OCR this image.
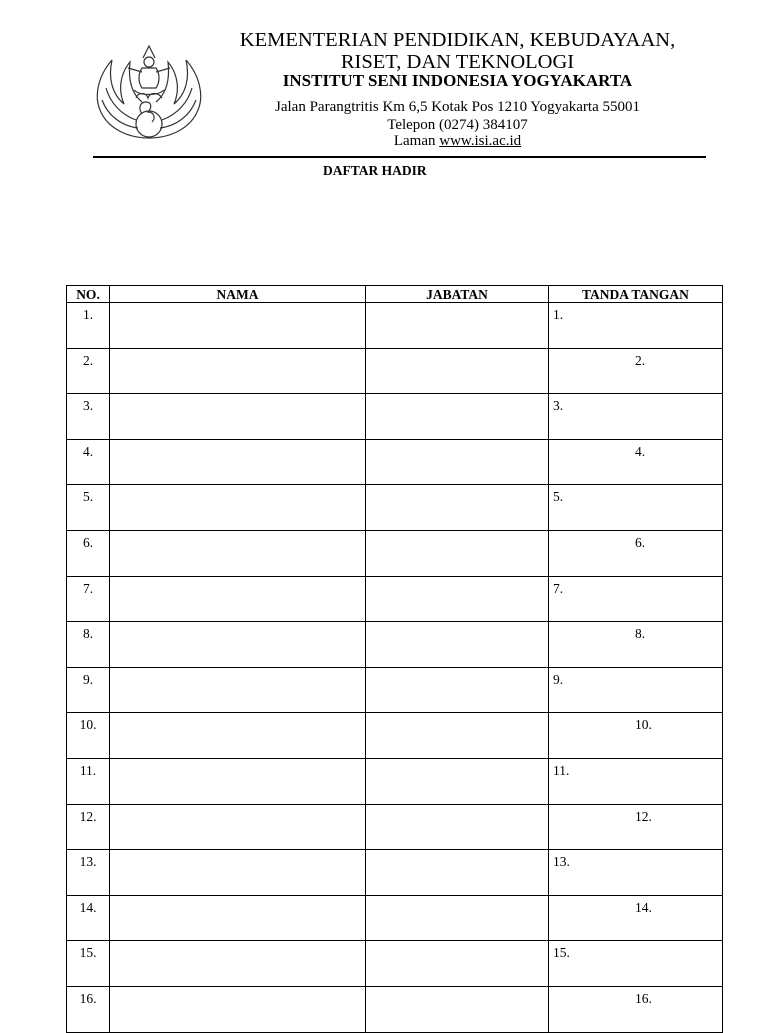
KEMENTERIAN PENDIDIKAN, KEBUDAYAAN,
RISET, DAN TEKNOLOGI
INSTITUT SENI INDONESIA YOGYAKARTA
Jalan Parangtritis Km 6,5 Kotak Pos 1210 Yogyakarta 55001
Telepon (0274) 384107
Laman www.isi.ac.id
DAFTAR HADIR
NO.	NAMA	JABATAN	TANDA TANGAN
1.			1.
2.			2.
3.			3.
4.			4.
5.			5.
6.			6.
7.			7.
8.			8.
9.			9.
10.			10.
11.			11.
12.			12.
13.			13.
14.			14.
15.			15.
16.			16.
